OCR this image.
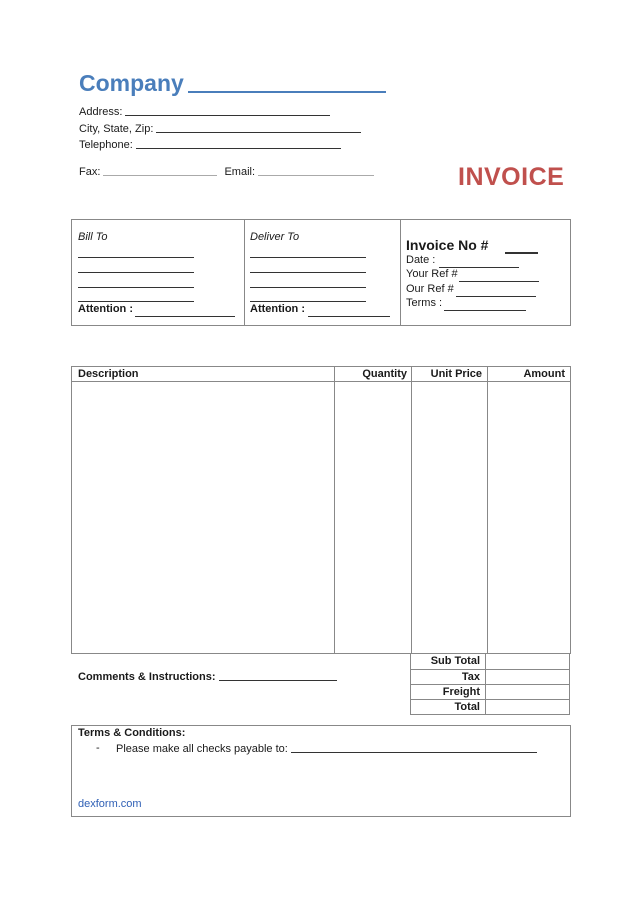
Company
Address:
City, State, Zip:
Telephone:
Fax:	Email:	INVOICE
Bill To
Attention :
Deliver To
Attention :
Invoice No #
Date :
Your Ref #
Our Ref #
Terms :
Description	Quantity	Unit Price	Amount
Sub Total
Tax
Freight
Total
Comments & Instructions:
Terms & Conditions:
- Please make all checks payable to:
dexform.com
